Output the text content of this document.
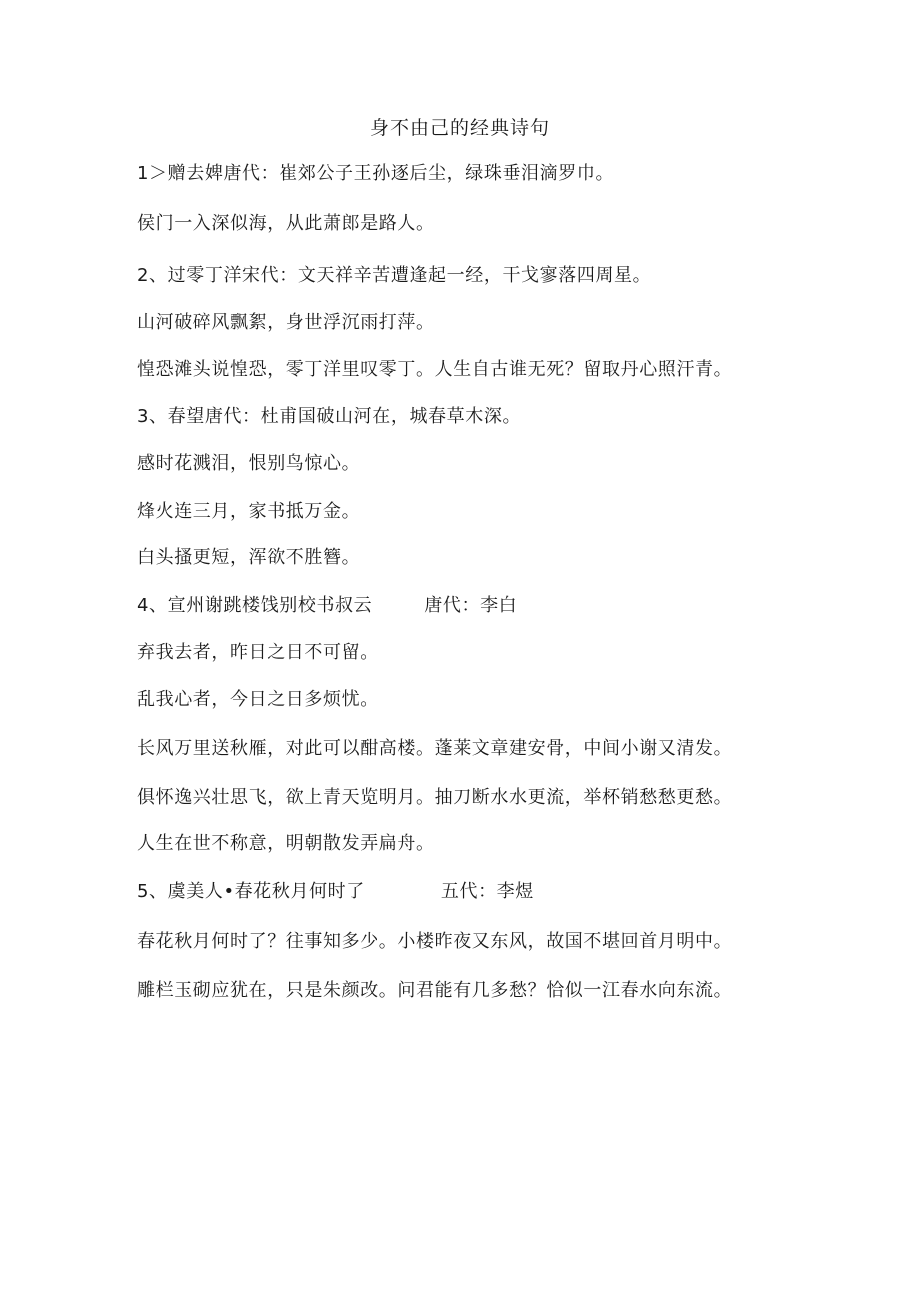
身不由己的经典诗句
1＞赠去婢唐代：崔郊公子王孙逐后尘，绿珠垂泪滴罗巾。
侯门一入深似海，从此萧郎是路人。
2、过零丁洋宋代：文天祥辛苦遭逢起一经，干戈寥落四周星。
山河破碎风飘絮，身世浮沉雨打萍。
惶恐滩头说惶恐，零丁洋里叹零丁。人生自古谁无死？留取丹心照汗青。
3、春望唐代：杜甫国破山河在，城春草木深。
感时花溅泪，恨别鸟惊心。
烽火连三月，家书抵万金。
白头搔更短，浑欲不胜簪。
4、宣州谢跳楼饯别校书叔云	唐代：李白
弃我去者，昨日之日不可留。
乱我心者，今日之日多烦忧。
长风万里送秋雁，对此可以酣高楼。蓬莱文章建安骨，中间小谢又清发。
俱怀逸兴壮思飞，欲上青天览明月。抽刀断水水更流，举杯销愁愁更愁。
人生在世不称意，明朝散发弄扁舟。
5、虞美人•春花秋月何时了	五代：李煜
春花秋月何时了？往事知多少。小楼昨夜又东风，故国不堪回首月明中。
雕栏玉砌应犹在，只是朱颜改。问君能有几多愁？恰似一江春水向东流。
